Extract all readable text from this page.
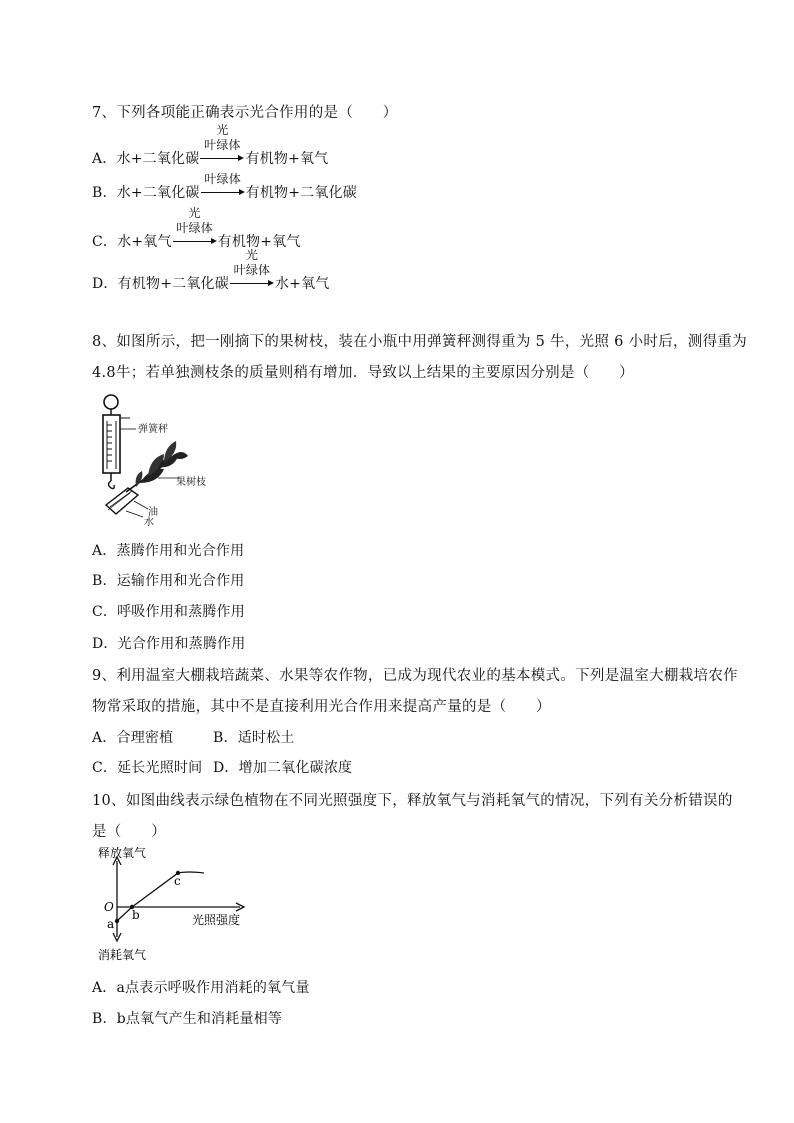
7、下列各项能正确表示光合作用的是（　　）
A．水+二氧化碳
光
叶绿体
有机物+氧气
B．水+二氧化碳
叶绿体
有机物+二氧化碳
C．水+氧气
光
叶绿体
有机物+氧气
D．有机物+二氧化碳
光
叶绿体
水+氧气
8、如图所示，把一刚摘下的果树枝，装在小瓶中用弹簧秤测得重为 5 牛，光照 6 小时后，测得重为
4.8牛；若单独测枝条的质量则稍有增加．导致以上结果的主要原因分别是（　　）
弹簧秤
果树枝
油
水
A．蒸腾作用和光合作用
B．运输作用和光合作用
C．呼吸作用和蒸腾作用
D．光合作用和蒸腾作用
9、利用温室大棚栽培蔬菜、水果等农作物，已成为现代农业的基本模式。下列是温室大棚栽培农作
物常采取的措施，其中不是直接利用光合作用来提高产量的是（　　）
A．合理密植	B．适时松土
C．延长光照时间 D．增加二氧化碳浓度
10、如图曲线表示绿色植物在不同光照强度下，释放氧气与消耗氧气的情况，下列有关分析错误的
是（　　）
释放氧气
消耗氧气
光照强度
O
a
b
c
A．a点表示呼吸作用消耗的氧气量
B．b点氧气产生和消耗量相等
